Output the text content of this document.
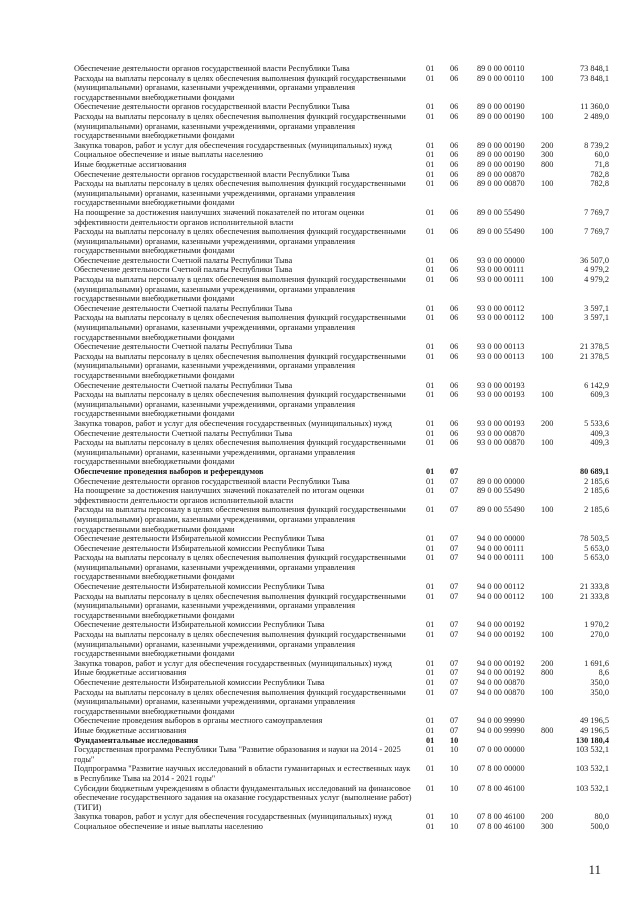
Обеспечение деятельности органов государственной власти Республики Тыва	01 06 89 0 00 00110	73 848,1
Расходы на выплаты персоналу в целях обеспечения выполнения функций государственными (муниципальными) органами, казенными учреждениями, органами управления государственными внебюджетными фондами
01 06 89 0 00 00110 100	73 848,1
Обеспечение деятельности органов государственной власти Республики Тыва	01 06 89 0 00 00190	11 360,0
Расходы на выплаты персоналу в целях обеспечения выполнения функций государственными (муниципальными) органами, казенными учреждениями, органами управления государственными внебюджетными фондами
01 06 89 0 00 00190 100	2 489,0
Закупка товаров, работ и услуг для обеспечения государственных (муниципальных) нужд	01 06 89 0 00 00190 200	8 739,2
Социальное обеспечение и иные выплаты населению	01 06 89 0 00 00190 300	60,0
Иные бюджетные ассигнования	01 06 89 0 00 00190 800	71,8
Обеспечение деятельности органов государственной власти Республики Тыва	01 06 89 0 00 00870	782,8
Расходы на выплаты персоналу в целях обеспечения выполнения функций государственными (муниципальными) органами, казенными учреждениями, органами управления государственными внебюджетными фондами
01 06 89 0 00 00870 100	782,8
На поощрение за достижения наилучших значений показателей по итогам оценки эффективности деятельности органов исполнительной власти
01 06 89 0 00 55490	7 769,7
Расходы на выплаты персоналу в целях обеспечения выполнения функций государственными (муниципальными) органами, казенными учреждениями, органами управления государственными внебюджетными фондами
01 06 89 0 00 55490 100	7 769,7
Обеспечение деятельности Счетной палаты Республики Тыва	01 06 93 0 00 00000	36 507,0
Обеспечение деятельности Счетной палаты Республики Тыва	01 06 93 0 00 00111	4 979,2
Расходы на выплаты персоналу в целях обеспечения выполнения функций государственными (муниципальными) органами, казенными учреждениями, органами управления государственными внебюджетными фондами
01 06 93 0 00 00111 100	4 979,2
Обеспечение деятельности Счетной палаты Республики Тыва	01 06 93 0 00 00112	3 597,1
Расходы на выплаты персоналу в целях обеспечения выполнения функций государственными (муниципальными) органами, казенными учреждениями, органами управления государственными внебюджетными фондами
01 06 93 0 00 00112 100	3 597,1
Обеспечение деятельности Счетной палаты Республики Тыва	01 06 93 0 00 00113	21 378,5
Расходы на выплаты персоналу в целях обеспечения выполнения функций государственными (муниципальными) органами, казенными учреждениями, органами управления государственными внебюджетными фондами
01 06 93 0 00 00113 100	21 378,5
Обеспечение деятельности Счетной палаты Республики Тыва	01 06 93 0 00 00193	6 142,9
Расходы на выплаты персоналу в целях обеспечения выполнения функций государственными (муниципальными) органами, казенными учреждениями, органами управления государственными внебюджетными фондами
01 06 93 0 00 00193 100	609,3
Закупка товаров, работ и услуг для обеспечения государственных (муниципальных) нужд	01 06 93 0 00 00193 200	5 533,6
Обеспечение деятельности Счетной палаты Республики Тыва	01 06 93 0 00 00870	409,3
Расходы на выплаты персоналу в целях обеспечения выполнения функций государственными (муниципальными) органами, казенными учреждениями, органами управления государственными внебюджетными фондами
01 06 93 0 00 00870 100	409,3
Обеспечение проведения выборов и референдумов	01 07	80 689,1
Обеспечение деятельности органов государственной власти Республики Тыва	01 07 89 0 00 00000	2 185,6
На поощрение за достижения наилучших значений показателей по итогам оценки эффективности деятельности органов исполнительной власти
01 07 89 0 00 55490	2 185,6
Расходы на выплаты персоналу в целях обеспечения выполнения функций государственными (муниципальными) органами, казенными учреждениями, органами управления государственными внебюджетными фондами
01 07 89 0 00 55490 100	2 185,6
Обеспечение деятельности Избирательной комиссии Республики Тыва	01 07 94 0 00 00000	78 503,5
Обеспечение деятельности Избирательной комиссии Республики Тыва	01 07 94 0 00 00111	5 653,0
Расходы на выплаты персоналу в целях обеспечения выполнения функций государственными (муниципальными) органами, казенными учреждениями, органами управления государственными внебюджетными фондами
01 07 94 0 00 00111 100	5 653,0
Обеспечение деятельности Избирательной комиссии Республики Тыва	01 07 94 0 00 00112	21 333,8
Расходы на выплаты персоналу в целях обеспечения выполнения функций государственными (муниципальными) органами, казенными учреждениями, органами управления государственными внебюджетными фондами
01 07 94 0 00 00112 100	21 333,8
Обеспечение деятельности Избирательной комиссии Республики Тыва	01 07 94 0 00 00192	1 970,2
Расходы на выплаты персоналу в целях обеспечения выполнения функций государственными (муниципальными) органами, казенными учреждениями, органами управления государственными внебюджетными фондами
01 07 94 0 00 00192 100	270,0
Закупка товаров, работ и услуг для обеспечения государственных (муниципальных) нужд	01 07 94 0 00 00192 200	1 691,6
Иные бюджетные ассигнования	01 07 94 0 00 00192 800	8,6
Обеспечение деятельности Избирательной комиссии Республики Тыва	01 07 94 0 00 00870	350,0
Расходы на выплаты персоналу в целях обеспечения выполнения функций государственными (муниципальными) органами, казенными учреждениями, органами управления государственными внебюджетными фондами
01 07 94 0 00 00870 100	350,0
Обеспечение проведения выборов в органы местного самоуправления	01 07 94 0 00 99990	49 196,5
Иные бюджетные ассигнования	01 07 94 0 00 99990 800	49 196,5
Фундаментальные исследования	01 10	130 180,4
Государственная программа Республики Тыва "Развитие образования и науки на 2014 - 2025 годы"
01 10 07 0 00 00000	103 532,1
Подпрограмма "Развитие научных исследований в области гуманитарных и естественных наук в Республике Тыва на 2014 - 2021 годы"
01 10 07 8 00 00000	103 532,1
Субсидии бюджетным учреждениям в области фундаментальных исследований на финансовое обеспечение государственного задания на оказание государственных услуг (выполнение работ) (ТИГИ)
01 10 07 8 00 46100	103 532,1
Закупка товаров, работ и услуг для обеспечения государственных (муниципальных) нужд	01 10 07 8 00 46100 200	80,0
Социальное обеспечение и иные выплаты населению	01 10 07 8 00 46100 300	500,0
11
